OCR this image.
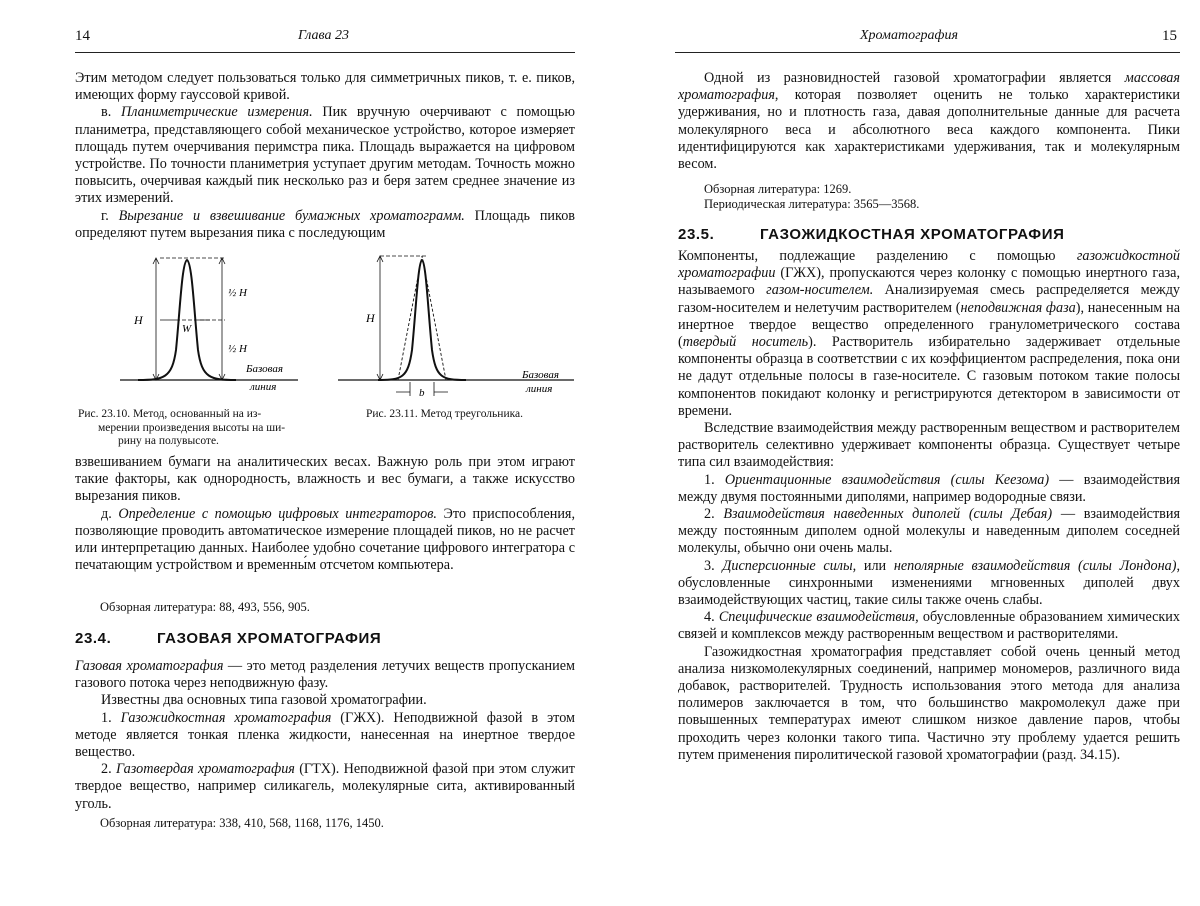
14	Глава 23

Этим методом следует пользоваться только для симметричных пиков, т. е. пиков, имеющих форму гауссовой кривой.

в. Планиметрические измерения. Пик вручную очерчивают с помощью планиметра, представляющего собой механическое устройство, которое измеряет площадь путем очерчивания перимстра пика. Площадь выражается на цифровом устройстве. По точности планиметрия уступает другим методам. Точность можно повысить, очерчивая каждый пик несколько раз и беря затем среднее значение из этих измерений.

г. Вырезание и взвешивание бумажных хроматограмм. Площадь пиков определяют путем вырезания пика с последующим

H
W
½ H
½ H
Базовая
линия
Рис. 23.10. Метод, основанный на из-
мерении произведения высоты на ши-
рину на полувысоте.
H
b
Базовая
линия
Рис. 23.11. Метод треугольника.

взвешиванием бумаги на аналитических весах. Важную роль при этом играют такие факторы, как однородность, влажность и вес бумаги, а также искусство вырезания пиков.

д. Определение с помощью цифровых интеграторов. Это приспособления, позволяющие проводить автоматическое измерение площадей пиков, но не расчет или интерпретацию данных. Наиболее удобно сочетание цифрового интегратора с печатающим устройством и временны́м отсчетом компьютера.

Обзорная литература: 88, 493, 556, 905.
23.4.	ГАЗОВАЯ ХРОМАТОГРАФИЯ

Газовая хроматография — это метод разделения летучих веществ пропусканием газового потока через неподвижную фазу.

Известны два основных типа газовой хроматографии.

1. Газожидкостная хроматография (ГЖХ). Неподвижной фазой в этом методе является тонкая пленка жидкости, нанесенная на инертное твердое вещество.

2. Газотвердая хроматография (ГТХ). Неподвижной фазой при этом служит твердое вещество, например силикагель, молекулярные сита, активированный уголь.

Обзорная литература: 338, 410, 568, 1168, 1176, 1450.
Хроматография	15

Одной из разновидностей газовой хроматографии является массовая хроматография, которая позволяет оценить не только характеристики удерживания, но и плотность газа, давая дополнительные данные для расчета молекулярного веса и абсолютного веса каждого компонента. Пики идентифицируются как характеристиками удерживания, так и молекулярным весом.

Обзорная литература: 1269.
Периодическая литература: 3565—3568.
23.5.	ГАЗОЖИДКОСТНАЯ ХРОМАТОГРАФИЯ

Компоненты, подлежащие разделению с помощью газожидкостной хроматографии (ГЖХ), пропускаются через колонку с помощью инертного газа, называемого газом-носителем. Анализируемая смесь распределяется между газом-носителем и нелетучим растворителем (неподвижная фаза), нанесенным на инертное твердое вещество определенного гранулометрического состава (твердый носитель). Растворитель избирательно задерживает отдельные компоненты образца в соответствии с их коэффициентом распределения, пока они не дадут отдельные полосы в газе-носителе. С газовым потоком такие полосы компонентов покидают колонку и регистрируются детектором в зависимости от времени.

Вследствие взаимодействия между растворенным веществом и растворителем растворитель селективно удерживает компоненты образца. Существует четыре типа сил взаимодействия:

1. Ориентационные взаимодействия (силы Кеезома) — взаимодействия между двумя постоянными диполями, например водородные связи.

2. Взаимодействия наведенных диполей (силы Дебая) — взаимодействия между постоянным диполем одной молекулы и наведенным диполем соседней молекулы, обычно они очень малы.

3. Дисперсионные силы, или неполярные взаимодействия (силы Лондона), обусловленные синхронными изменениями мгновенных диполей двух взаимодействующих частиц, такие силы также очень слабы.

4. Специфические взаимодействия, обусловленные образованием химических связей и комплексов между растворенным веществом и растворителями.

Газожидкостная хроматография представляет собой очень ценный метод анализа низкомолекулярных соединений, например мономеров, различного вида добавок, растворителей. Трудность использования этого метода для анализа полимеров заключается в том, что большинство макромолекул даже при повышенных температурах имеют слишком низкое давление паров, чтобы проходить через колонки такого типа. Частично эту проблему удается решить путем применения пиролитической газовой хроматографии (разд. 34.15).
